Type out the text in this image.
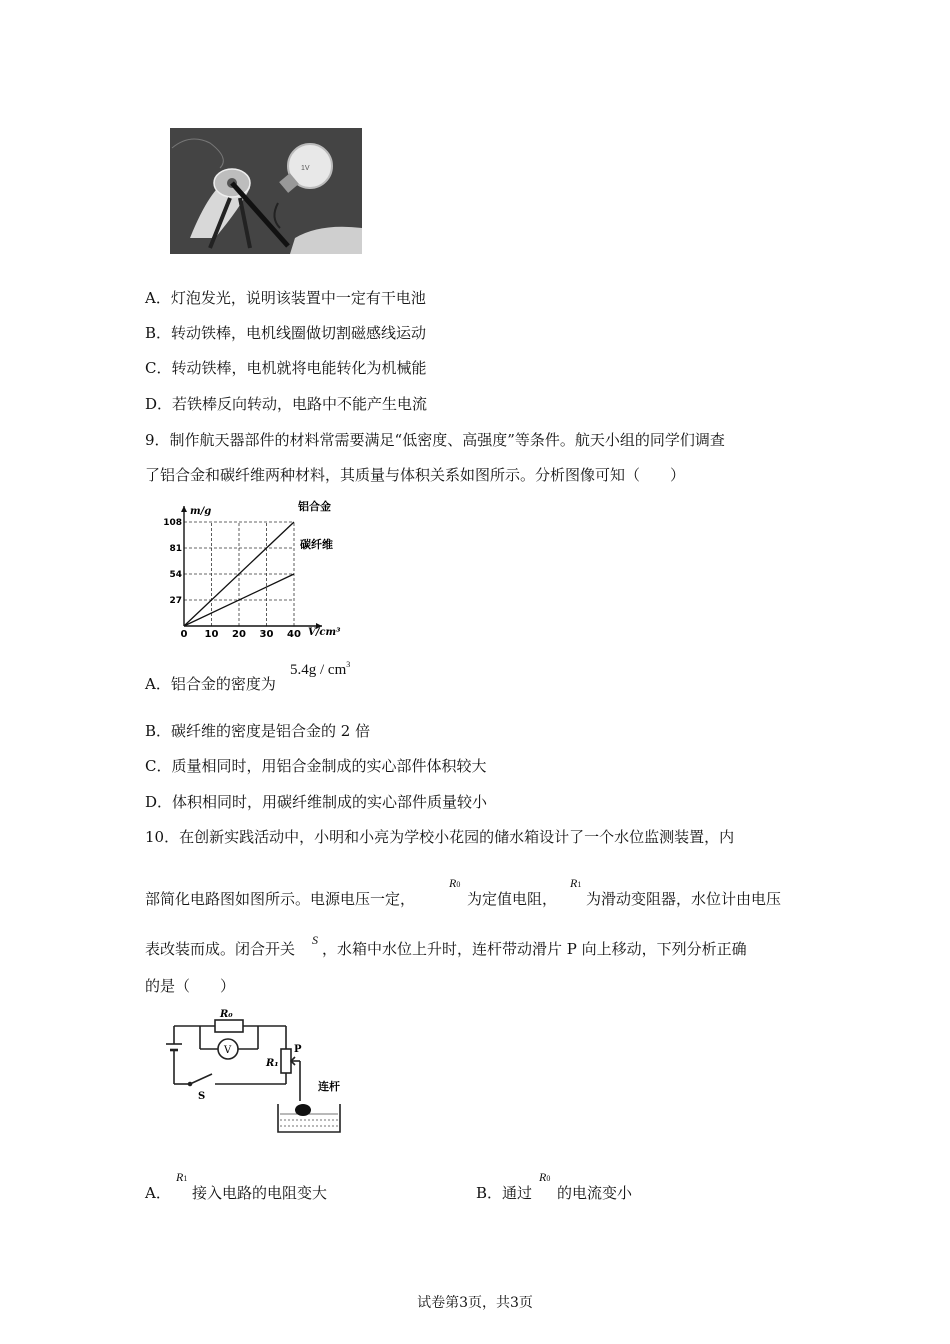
1V
A．灯泡发光，说明该装置中一定有干电池
B．转动铁棒，电机线圈做切割磁感线运动
C．转动铁棒，电机就将电能转化为机械能
D．若铁棒反向转动，电路中不能产生电流
9．制作航天器部件的材料常需要满足“低密度、高强度”等条件。航天小组的同学们调查
了铝合金和碳纤维两种材料，其质量与体积关系如图所示。分析图像可知（　　）
0 10 20 30 40
27
54
81
108
V/cm³
m/g	铝合金
碳纤维
A．铝合金的密度为
$5.4g / cm^3$
B．碳纤维的密度是铝合金的 2 倍
C．质量相同时，用铝合金制成的实心部件体积较大
D．体积相同时，用碳纤维制成的实心部件质量较小
10．在创新实践活动中，小明和小亮为学校小花园的储水箱设计了一个水位监测装置，内
部简化电路图如图所示。电源电压一定，
R0
为定值电阻，
R1
为滑动变阻器，水位计由电压
表改装而成。闭合开关 S ，水箱中水位上升时，连杆带动滑片 P 向上移动，下列分析正确
的是（　　）
R₀
V
R₁
P
S
连杆
A．
R1
接入电路的电阻变大	B．通过
R0
的电流变小
试卷第3页，共3页
